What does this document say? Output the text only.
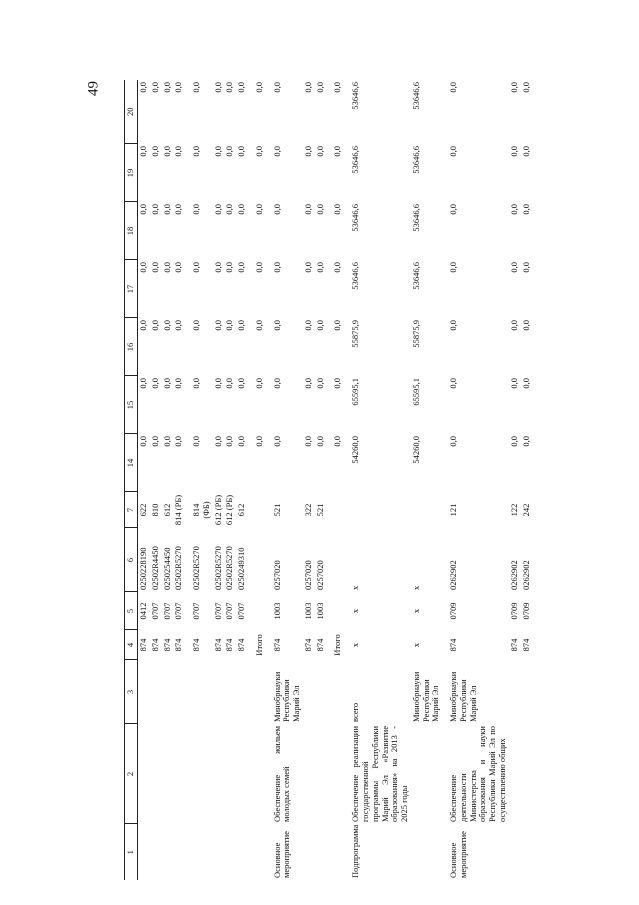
49
1	2	3	4	5	6	7	14	15	16	17	18	19	20
			874	0412	0250228190	622	0,0	0,0	0,0	0,0	0,0	0,0	0,0
			874	0707	02502R4450	810	0,0	0,0	0,0	0,0	0,0	0,0	0,0
			874	0707	0250254450	612	0,0	0,0	0,0	0,0	0,0	0,0	0,0
			874	0707	02502R5270	814 (РБ)	0,0	0,0	0,0	0,0	0,0	0,0	0,0

			874	0707	02502R5270	814 (ФБ)	0,0	0,0	0,0	0,0	0,0	0,0	0,0
			874	0707	02502R5270	612 (РБ)	0,0	0,0	0,0	0,0	0,0	0,0	0,0
			874	0707	02502R5270	612 (РБ)	0,0	0,0	0,0	0,0	0,0	0,0	0,0
			874	0707	0250249310	612	0,0	0,0	0,0	0,0	0,0	0,0	0,0

			Итого				0,0	0,0	0,0	0,0	0,0	0,0	0,0

Основное мероприятие	Обеспечение жильем молодых семей	Минобрнауки Республики Марий Эл	874	1003	0257020	521	0,0	0,0	0,0	0,0	0,0	0,0	0,0
			874	1003	0257020	322	0,0	0,0	0,0	0,0	0,0	0,0	0,0
			874	1003	0257020	521	0,0	0,0	0,0	0,0	0,0	0,0	0,0

			Итого				0,0	0,0	0,0	0,0	0,0	0,0	0,0

Подпрограмма	Обеспечение реализации государственной программы Республики Марий Эл «Развитие образования» на 2013 - 2025 годы	всего	х	х	х		54260,0	65595,1	55875,9	53646,6	53646,6	53646,6	53646,6
		Минобрнауки Республики Марий Эл	х	х	х		54260,0	65595,1	55875,9	53646,6	53646,6	53646,6	53646,6

Основное мероприятие	Обеспечение деятельности Министерства образования и науки Республики Марий Эл по осуществлению общих	Минобрнауки Республики Марий Эл	874	0709	0262902	121	0,0	0,0	0,0	0,0	0,0	0,0	0,0
			874	0709	0262902	122	0,0	0,0	0,0	0,0	0,0	0,0	0,0
			874	0709	0262902	242	0,0	0,0	0,0	0,0	0,0	0,0	0,0
